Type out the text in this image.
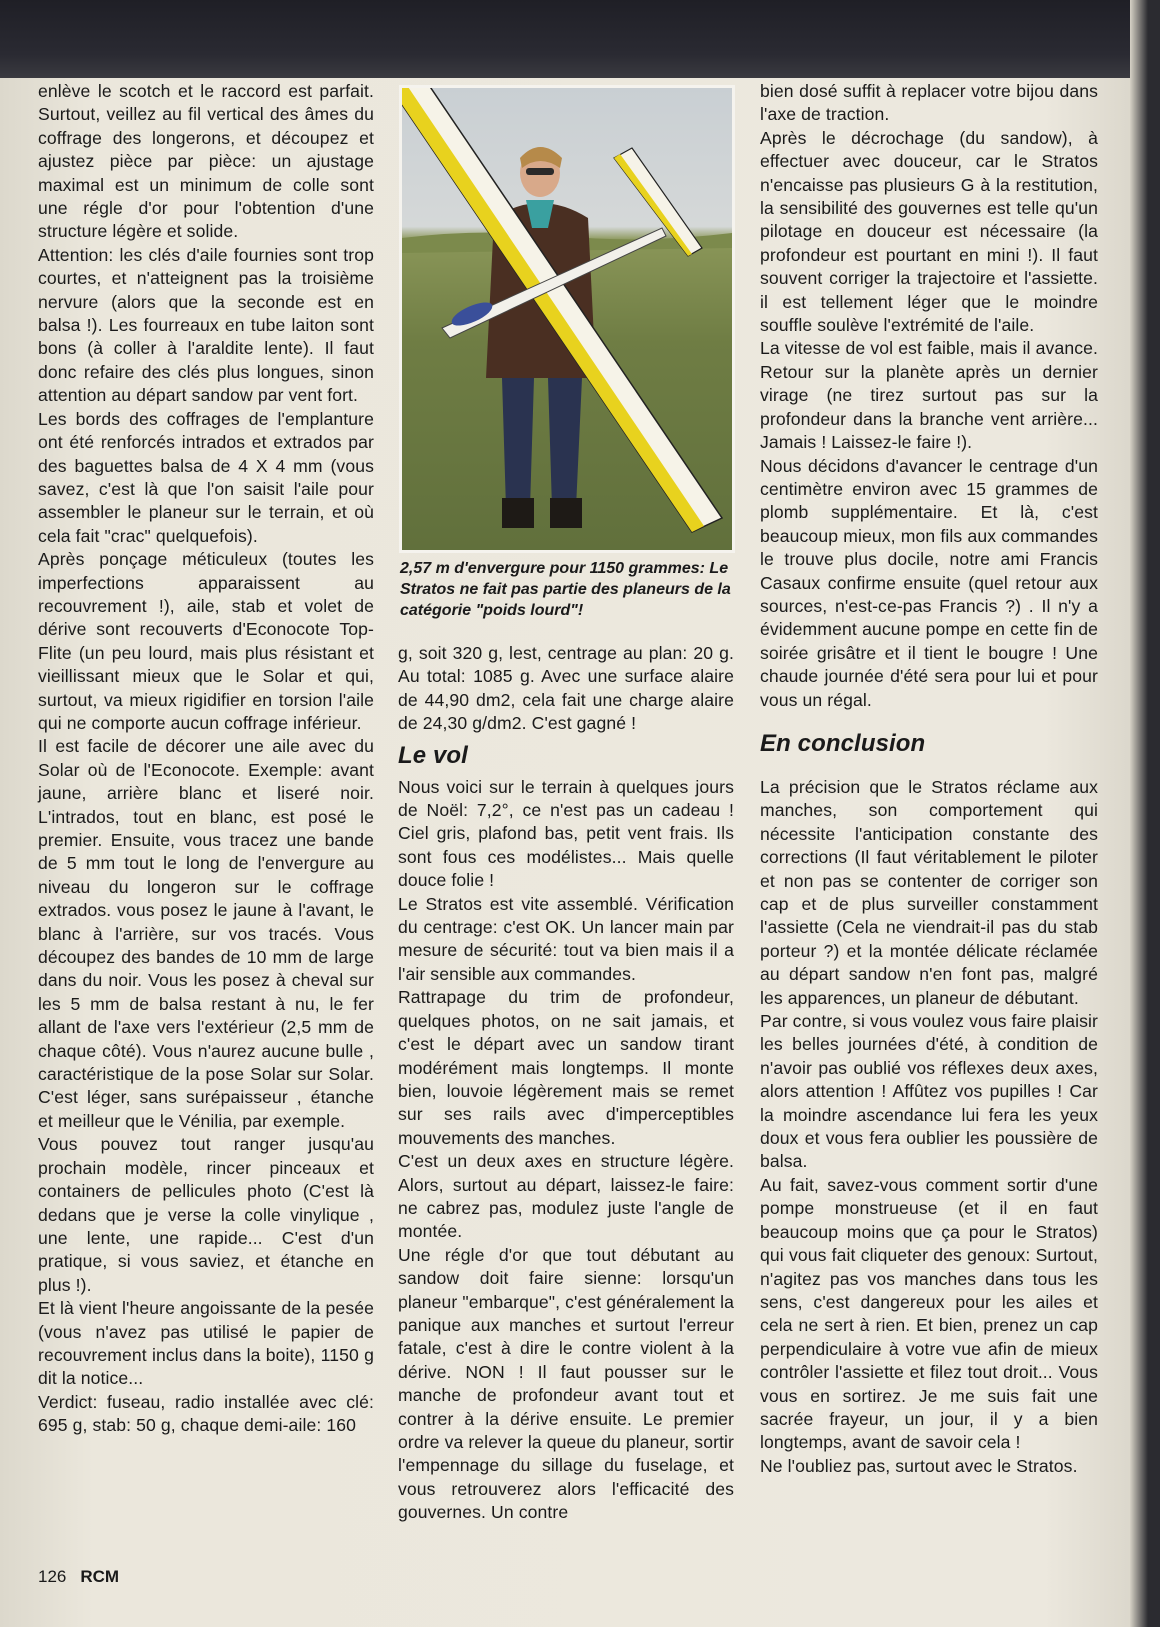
enlève le scotch et le raccord est parfait. Surtout, veillez au fil vertical des âmes du coffrage des longerons, et découpez et ajustez pièce par pièce: un ajustage maximal est un minimum de colle sont une régle d'or pour l'obtention d'une structure légère et solide.

Attention: les clés d'aile fournies sont trop courtes, et n'atteignent pas la troisième nervure (alors que la seconde est en balsa !). Les fourreaux en tube laiton sont bons (à coller à l'araldite lente). Il faut donc refaire des clés plus longues, sinon attention au départ sandow par vent fort.

Les bords des coffrages de l'emplanture ont été renforcés intrados et extrados par des baguettes balsa de 4 X 4 mm (vous savez, c'est là que l'on saisit l'aile pour assembler le planeur sur le terrain, et où cela fait "crac" quelquefois).

Après ponçage méticuleux (toutes les imperfections apparaissent au recouvrement !), aile, stab et volet de dérive sont recouverts d'Econocote Top-Flite (un peu lourd, mais plus résistant et vieillissant mieux que le Solar et qui, surtout, va mieux rigidifier en torsion l'aile qui ne comporte aucun coffrage inférieur.

Il est facile de décorer une aile avec du Solar où de l'Econocote. Exemple: avant jaune, arrière blanc et liseré noir. L'intrados, tout en blanc, est posé le premier. Ensuite, vous tracez une bande de 5 mm tout le long de l'envergure au niveau du longeron sur le coffrage extrados. vous posez le jaune à l'avant, le blanc à l'arrière, sur vos tracés. Vous découpez des bandes de 10 mm de large dans du noir. Vous les posez à cheval sur les 5 mm de balsa restant à nu, le fer allant de l'axe vers l'extérieur (2,5 mm de chaque côté). Vous n'aurez aucune bulle , caractéristique de la pose Solar sur Solar. C'est léger, sans surépaisseur , étanche et meilleur que le Vénilia, par exemple.

Vous pouvez tout ranger jusqu'au prochain modèle, rincer pinceaux et containers de pellicules photo (C'est là dedans que je verse la colle vinylique , une lente, une rapide... C'est d'un pratique, si vous saviez, et étanche en plus !).

Et là vient l'heure angoissante de la pesée (vous n'avez pas utilisé le papier de recouvrement inclus dans la boite), 1150 g dit la notice...

Verdict: fuseau, radio installée avec clé: 695 g, stab: 50 g, chaque demi-aile: 160

2,57 m d'envergure pour 1150 grammes: Le Stratos ne fait pas partie des planeurs de la catégorie "poids lourd"!

g, soit 320 g, lest, centrage au plan: 20 g. Au total: 1085 g. Avec une surface alaire de 44,90 dm2, cela fait une charge alaire de 24,30 g/dm2. C'est gagné !

Le vol

Nous voici sur le terrain à quelques jours de Noël: 7,2°, ce n'est pas un cadeau ! Ciel gris, plafond bas, petit vent frais. Ils sont fous ces modélistes... Mais quelle douce folie !

Le Stratos est vite assemblé. Vérification du centrage: c'est OK. Un lancer main par mesure de sécurité: tout va bien mais il a l'air sensible aux commandes.

Rattrapage du trim de profondeur, quelques photos, on ne sait jamais, et c'est le départ avec un sandow tirant modérément mais longtemps. Il monte bien, louvoie légèrement mais se remet sur ses rails avec d'imperceptibles mouvements des manches.

C'est un deux axes en structure légère. Alors, surtout au départ, laissez-le faire: ne cabrez pas, modulez juste l'angle de montée.

Une régle d'or que tout débutant au sandow doit faire sienne: lorsqu'un planeur "embarque", c'est généralement la panique aux manches et surtout l'erreur fatale, c'est à dire le contre violent à la dérive. NON ! Il faut pousser sur le manche de profondeur avant tout et contrer à la dérive ensuite. Le premier ordre va relever la queue du planeur, sortir l'empennage du sillage du fuselage, et vous retrouverez alors l'efficacité des gouvernes. Un contre

bien dosé suffit à replacer votre bijou dans l'axe de traction.

Après le décrochage (du sandow), à effectuer avec douceur, car le Stratos n'encaisse pas plusieurs G à la restitution, la sensibilité des gouvernes est telle qu'un pilotage en douceur est nécessaire (la profondeur est pourtant en mini !). Il faut souvent corriger la trajectoire et l'assiette. il est tellement léger que le moindre souffle soulève l'extrémité de l'aile.

La vitesse de vol est faible, mais il avance. Retour sur la planète après un dernier virage (ne tirez surtout pas sur la profondeur dans la branche vent arrière... Jamais ! Laissez-le faire !).

Nous décidons d'avancer le centrage d'un centimètre environ avec 15 grammes de plomb supplémentaire. Et là, c'est beaucoup mieux, mon fils aux commandes le trouve plus docile, notre ami Francis Casaux confirme ensuite (quel retour aux sources, n'est-ce-pas Francis ?) . Il n'y a évidemment aucune pompe en cette fin de soirée grisâtre et il tient le bougre ! Une chaude journée d'été sera pour lui et pour vous un régal.

En conclusion

La précision que le Stratos réclame aux manches, son comportement qui nécessite l'anticipation constante des corrections (Il faut véritablement le piloter et non pas se contenter de corriger son cap et de plus surveiller constamment l'assiette (Cela ne viendrait-il pas du stab porteur ?) et la montée délicate réclamée au départ sandow n'en font pas, malgré les apparences, un planeur de débutant.

Par contre, si vous voulez vous faire plaisir les belles journées d'été, à condition de n'avoir pas oublié vos réflexes deux axes, alors attention ! Affûtez vos pupilles ! Car la moindre ascendance lui fera les yeux doux et vous fera oublier les poussière de balsa.

Au fait, savez-vous comment sortir d'une pompe monstrueuse (et il en faut beaucoup moins que ça pour le Stratos) qui vous fait cliqueter des genoux: Surtout, n'agitez pas vos manches dans tous les sens, c'est dangereux pour les ailes et cela ne sert à rien. Et bien, prenez un cap perpendiculaire à votre vue afin de mieux contrôler l'assiette et filez tout droit... Vous vous en sortirez. Je me suis fait une sacrée frayeur, un jour, il y a bien longtemps, avant de savoir cela !

Ne l'oubliez pas, surtout avec le Stratos.

126 RCM
